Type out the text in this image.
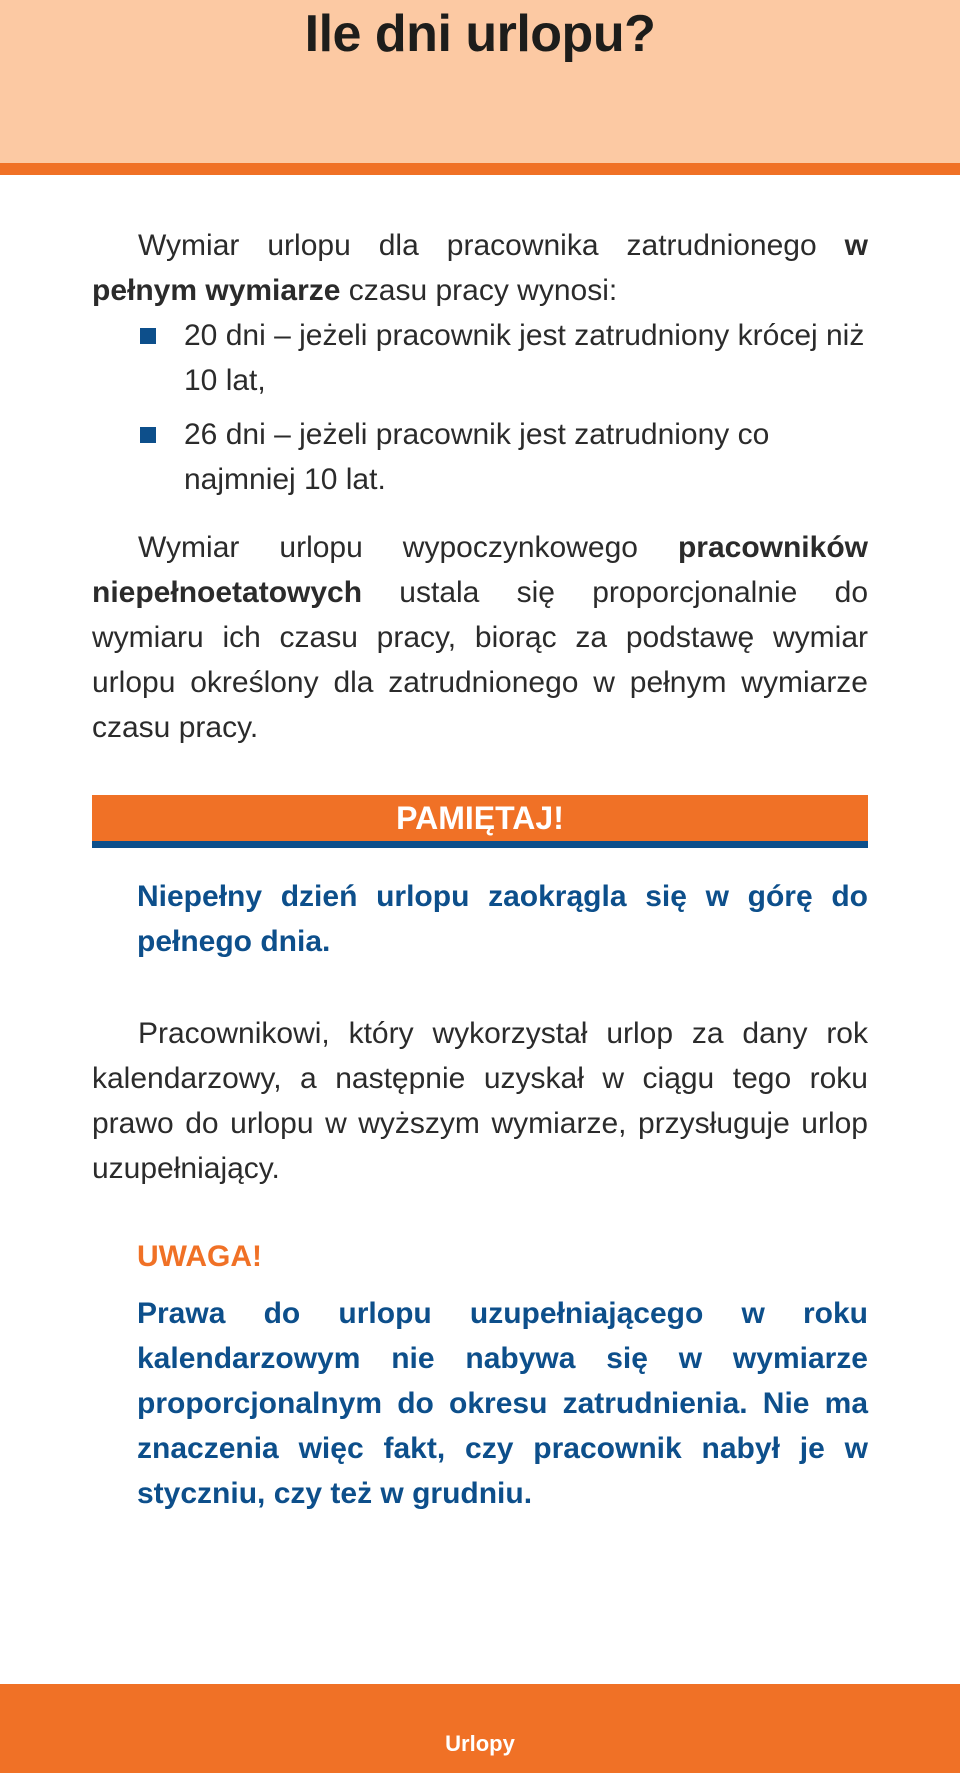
Ile dni urlopu?
Wymiar urlopu dla pracownika zatrudnionego w pełnym wymiarze czasu pracy wynosi:
20 dni – jeżeli pracownik jest zatrudniony krócej niż 10 lat,
26 dni – jeżeli pracownik jest zatrudniony co najmniej 10 lat.
Wymiar urlopu wypoczynkowego pracowników niepełnoetatowych ustala się proporcjonalnie do wymiaru ich czasu pracy, biorąc za podstawę wymiar urlopu określony dla zatrudnionego w pełnym wymiarze czasu pracy.
PAMIĘTAJ!
Niepełny dzień urlopu zaokrągla się w górę do pełnego dnia.
Pracownikowi, który wykorzystał urlop za dany rok kalendarzowy, a następnie uzyskał w ciągu tego roku prawo do urlopu w wyższym wymiarze, przysługuje urlop uzupełniający.
UWAGA!
Prawa do urlopu uzupełniającego w roku kalendarzowym nie nabywa się w wymiarze proporcjonalnym do okresu zatrudnienia. Nie ma znaczenia więc fakt, czy pracownik nabył je w styczniu, czy też w grudniu.
Urlopy
